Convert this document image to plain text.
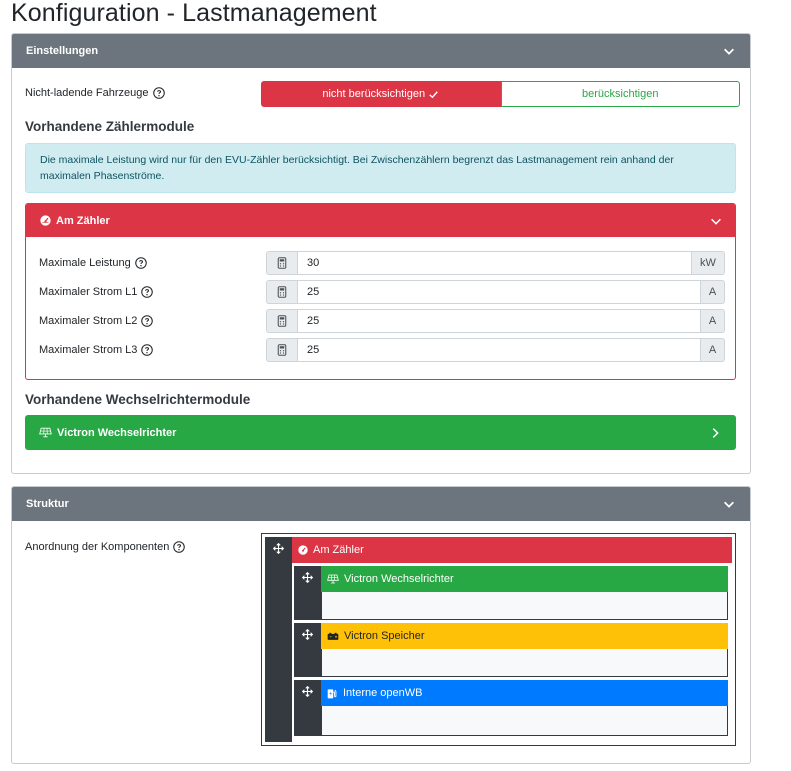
Konfiguration - Lastmanagement
Einstellungen
Nicht-ladende Fahrzeuge	nicht berücksichtigen	berücksichtigen
Vorhandene Zählermodule
Die maximale Leistung wird nur für den EVU-Zähler berücksichtigt. Bei Zwischenzählern begrenzt das Lastmanagement rein anhand der maximalen Phasenströme.
Am Zähler
Maximale Leistung	30	kW
Maximaler Strom L1	25	A
Maximaler Strom L2	25	A
Maximaler Strom L3	25	A
Vorhandene Wechselrichtermodule
Victron Wechselrichter
Struktur
Anordnung der Komponenten	Am Zähler
Victron Wechselrichter
Victron Speicher
Interne openWB
